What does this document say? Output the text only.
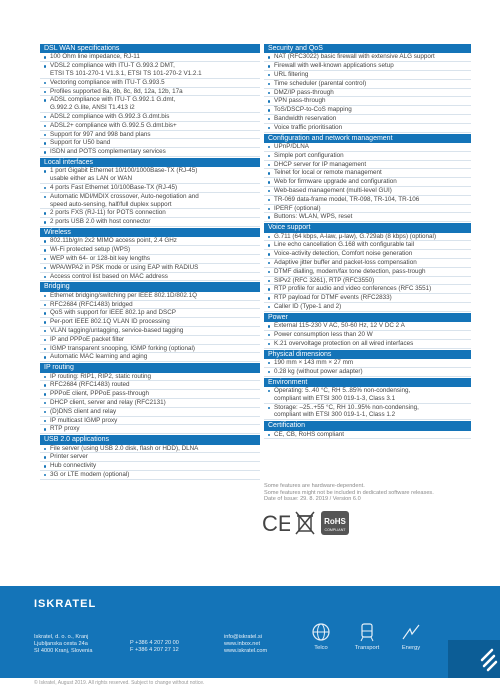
DSL WAN specifications
100 Ohm line impedance, RJ-11
VDSL2 compliance with ITU-T G.993.2 DMT,
ETSI TS 101-270-1 V1.3.1, ETSI TS 101-270-2 V1.2.1
Vectoring compliance with ITU-T G.993.5
Profiles supported 8a, 8b, 8c, 8d, 12a, 12b, 17a
ADSL compliance with ITU-T G.992.1 G.dmt,
G.992.2 G.lite, ANSI T1.413 i2
ADSL2 compliance with G.992.3 G.dmt.bis
ADSL2+ compliance with G.992.5 G.dmt.bis+
Support for 997 and 998 band plans
Support for U50 band
ISDN and POTS complementary services
Local interfaces
1 port Gigabit Ethernet 10/100/1000Base-TX (RJ-45)
usable either as LAN or WAN
4 ports Fast Ethernet 10/100Base-TX (RJ-45)
Automatic MDI/MDIX crossover, Auto-negotiation and
speed auto-sensing, half/full duplex support
2 ports FXS (RJ-11) for POTS connection
2 ports USB 2.0 with host connector
Wireless
802.11b/g/n 2x2 MIMO access point, 2.4 GHz
Wi-Fi protected setup (WPS)
WEP with 64- or 128-bit key lengths
WPA/WPA2 in PSK mode or using EAP with RADIUS
Access control list based on MAC address
Bridging
Ethernet bridging/switching per IEEE 802.1D/802.1Q
RFC2684 (RFC1483) bridged
QoS with support for IEEE 802.1p and DSCP
Per-port IEEE 802.1Q VLAN ID processing
VLAN tagging/untagging, service-based tagging
IP and PPPoE packet filter
IGMP transparent snooping, IGMP forking (optional)
Automatic MAC learning and aging
IP routing
IP routing: RIP1, RIP2, static routing
RFC2684 (RFC1483) routed
PPPoE client, PPPoE pass-through
DHCP client, server and relay (RFC2131)
(D)DNS client and relay
IP multicast IGMP proxy
RTP proxy
USB 2.0 applications
File server (using USB 2.0 disk, flash or HDD), DLNA
Printer server
Hub connectivity
3G or LTE modem (optional)
Security and QoS
NAT (RFC3022) basic firewall with extensive ALG support
Firewall with well-known applications setup
URL filtering
Time scheduler (parental control)
DMZ/IP pass-through
VPN pass-through
ToS/DSCP-to-CoS mapping
Bandwidth reservation
Voice traffic prioritisation
Configuration and network management
UPnP/DLNA
Simple port configuration
DHCP server for IP management
Telnet for local or remote management
Web for firmware upgrade and configuration
Web-based management (multi-level GUI)
TR-069 data-frame model, TR-098, TR-104, TR-106
IPERF (optional)
Buttons: WLAN, WPS, reset
Voice support
G.711 (64 kbps, A-law, µ-law), G.729ab (8 kbps) (optional)
Line echo cancellation G.168 with configurable tail
Voice-activity detection, Comfort noise generation
Adaptive jitter buffer and packet-loss compensation
DTMF dialling, modem/fax tone detection, pass-trough
SIPv2 (RFC 3261), RTP (RFC3550)
RTP profile for audio and video conferences (RFC 3551)
RTP payload for DTMF events (RFC2833)
Caller ID (Type-1 and 2)
Power
External 115-230 V AC, 50-60 Hz, 12 V DC 2 A
Power consumption less than 20 W
K.21 overvoltage protection on all wired interfaces
Physical dimensions
190 mm × 143 mm × 27 mm
0.28 kg (without power adapter)
Environment
Operating: 5..40 °C, RH 5..85% non-condensing,
compliant with ETSI 300 019-1-3, Class 3.1
Storage: –25..+55 °C, RH 10..95% non-condensing,
compliant with ETSI 300 019-1-1, Class 1.2
Certification
CE, CB, RoHS compliant
Some features are hardware-dependent.
Some features might not be included in dedicated software releases.
Date of Issue: 29. 8. 2019 / Version 6.0
CE	RoHS
COMPLIANT
ISKRATEL
Iskratel, d. o. o., Kranj
Ljubljanska cesta 24a
SI 4000 Kranj, Slovenia
P +386 4 207 20 00
F +386 4 207 27 12
info@iskratel.si
www.inbox.net
www.iskratel.com	Telco	Transport	Energy
© Iskratel, August 2019. All rights reserved. Subject to change without notice.
